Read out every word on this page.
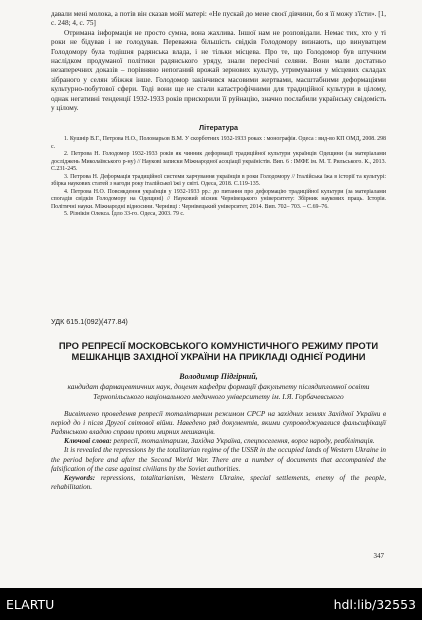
давали мені молока, а потів він сказав мойї матері: «Не пускай до мене своєї дівчини, бо я її можу з'їсти». [1, с. 248; 4, с. 75]

Отримана інформація не просто сумна, вона жахлива. Іншої нам не розповідали. Немає тих, хто у ті роки не бідував і не голодував. Переважна більшість свідків Голодомору визнають, що винуватцем Голодомору була тодішня радянська влада, і не тільки місцева. Про те, що Голодомор був штучним наслідком продуманої політики радянського уряду, знали пересічні селяни. Вони мали достатньо незаперечних доказів – порівняно непоганий врожай зернових культур, утримування у місцевих складах зібраного у селян збіжжя інше. Голодомор закінчився масовими жертвами, масштабними деформаціями культурно-побутової сфери. Тоді вони ще не стали катастрофічними для традиційної культури в цілому, однак негативні тенденції 1932-1933 років прискорили її руйнацію, значно послабили українську свідомість у цілому.

Література
1. Кушнір В.Г., Петрова Н.О., Поломарьов В.М. У скорботних 1932-1933 роках : монографія. Одеса : вид-во КП ОМД, 2008. 298 с.
2. Петрова Н. Голодомор 1932-1933 років як чинник деформації традиційної культури українців Одещини (за матеріалами досліджень Миколаївського р-ну) // Наукові записки Міжнародної асоціації україністів. Вип. 6 : ІМФЕ ім. М. Т. Рильського. К., 2013. С.231-245.
3. Петрова Н. Деформація традиційної системи харчування українців в роки Голодомору // Італійська їжа в історії та культурі: збірка наукових статей з нагоди року італійської їжі у світі. Одеса, 2018. С.119-135.
4. Петрова Н.О. Повсякдення українців у 1932-1933 рр.: до питання про деформацію традиційної культури (за матеріалами спогадів свідків Голодомору на Одещині) // Науковий вісник Чернівецького університету: Збірник наукових праць. Історія. Політичні науки. Міжнародні відносини. Чернівці : Чернівецький університет, 2014. Вип. 702– 703. – С.69–76.
5. Різнікін Олекса. Їдло 33-го. Одеса, 2003. 79 с.
УДК 615.1(092)(477.84)
ПРО РЕПРЕСІЇ МОСКОВСЬКОГО КОМУНІСТИЧНОГО РЕЖИМУ ПРОТИ МЕШКАНЦІВ ЗАХІДНОЇ УКРАЇНИ НА ПРИКЛАДІ ОДНІЄЇ РОДИНИ

Володимир Підгірний,

кандидат фармацевтичних наук, доцент кафедри формації факультету післядипломної освіти Тернопільського національного медичного університету ім. І.Я. Горбачевського

Висвітлено проведення репресії тоталітарним режимом СРСР на західних землях Західної України в період до і після Другої світової війни. Наведено ряд документів, якими супроводжувалися фальсифікації Радянською владою справи проти мирних мешканців.

Ключові слова: репресії, тоталітаризм, Західна Україна, спецпоселення, ворог народу, реабілітація.

It is revealed the repressions by the totalitarian regime of the USSR in the occupied lands of Western Ukraine in the period before and after the Second World War. There are a number of documents that accompanied the falsification of the case against civilians by the Soviet authorities.

Keywords: repressions, totalitarianism, Western Ukraine, special settlements, enemy of the people, rehabilitation.

347
ELARTU	hdl:lib/32553
